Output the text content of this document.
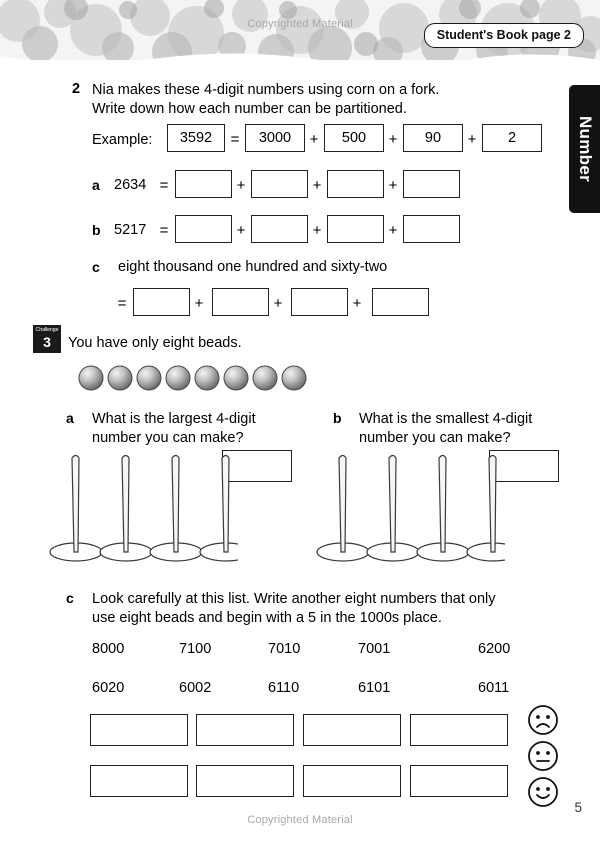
Copyrighted Material
Student's Book page 2
Number
2 Nia makes these 4-digit numbers using corn on a fork.
Write down how each number can be partitioned.
Example:	3592	=	3000	+	500	+	90	+	2
a 2634 =	+	+	+
b 5217 =	+	+	+
c eight thousand one hundred and sixty-two
=	+	+	+
Challenge
3	You have only eight beads.
a What is the largest 4-digit
number you can make?
b What is the smallest 4-digit
number you can make?
c Look carefully at this list. Write another eight numbers that only
use eight beads and begin with a 5 in the 1000s place.
8000	7100	7010	7001	6200
6020	6002	6110	6101	6011
Copyrighted Material
5
